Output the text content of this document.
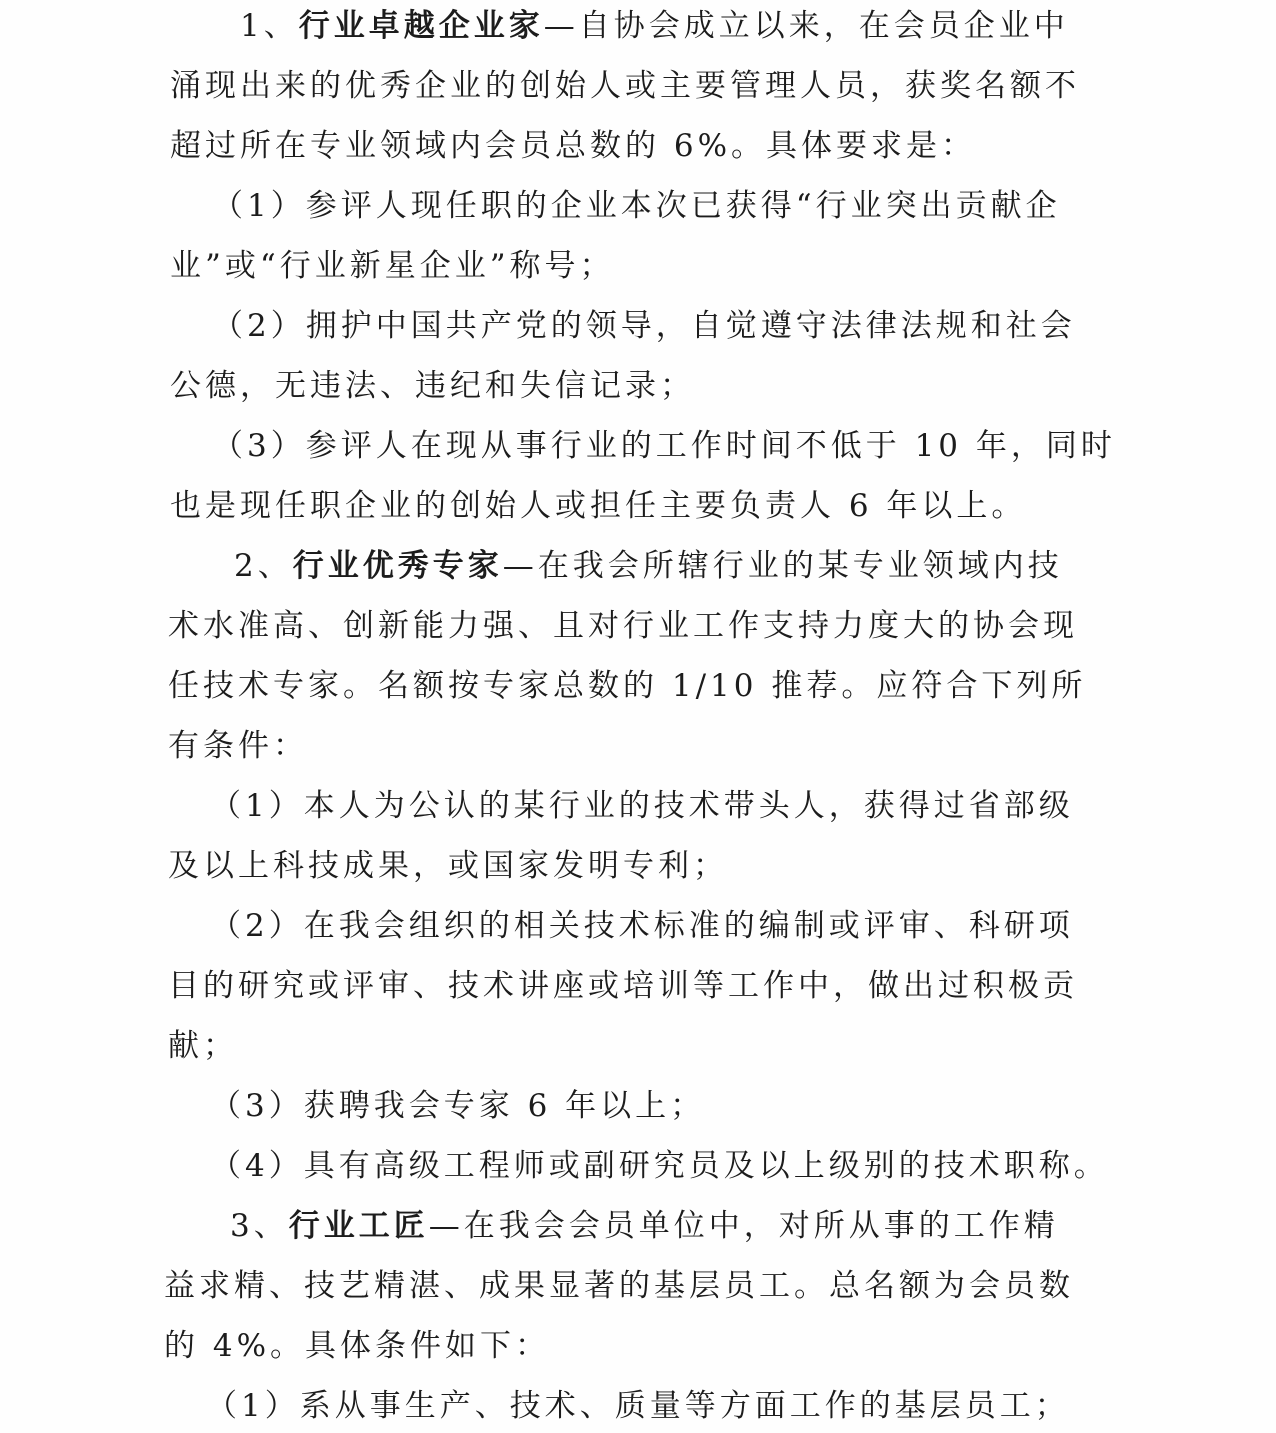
1、行业卓越企业家—自协会成立以来，在会员企业中
涌现出来的优秀企业的创始人或主要管理人员，获奖名额不
超过所在专业领域内会员总数的 6%。具体要求是：
（1）参评人现任职的企业本次已获得“行业突出贡献企
业”或“行业新星企业”称号；
（2）拥护中国共产党的领导，自觉遵守法律法规和社会
公德，无违法、违纪和失信记录；
（3）参评人在现从事行业的工作时间不低于 10 年，同时
也是现任职企业的创始人或担任主要负责人 6 年以上。
2、行业优秀专家—在我会所辖行业的某专业领域内技
术水准高、创新能力强、且对行业工作支持力度大的协会现
任技术专家。名额按专家总数的 1/10 推荐。应符合下列所
有条件：
（1）本人为公认的某行业的技术带头人，获得过省部级
及以上科技成果，或国家发明专利；
（2）在我会组织的相关技术标准的编制或评审、科研项
目的研究或评审、技术讲座或培训等工作中，做出过积极贡
献；
（3）获聘我会专家 6 年以上；
（4）具有高级工程师或副研究员及以上级别的技术职称。
3、行业工匠—在我会会员单位中，对所从事的工作精
益求精、技艺精湛、成果显著的基层员工。总名额为会员数
的 4%。具体条件如下：
（1）系从事生产、技术、质量等方面工作的基层员工；
